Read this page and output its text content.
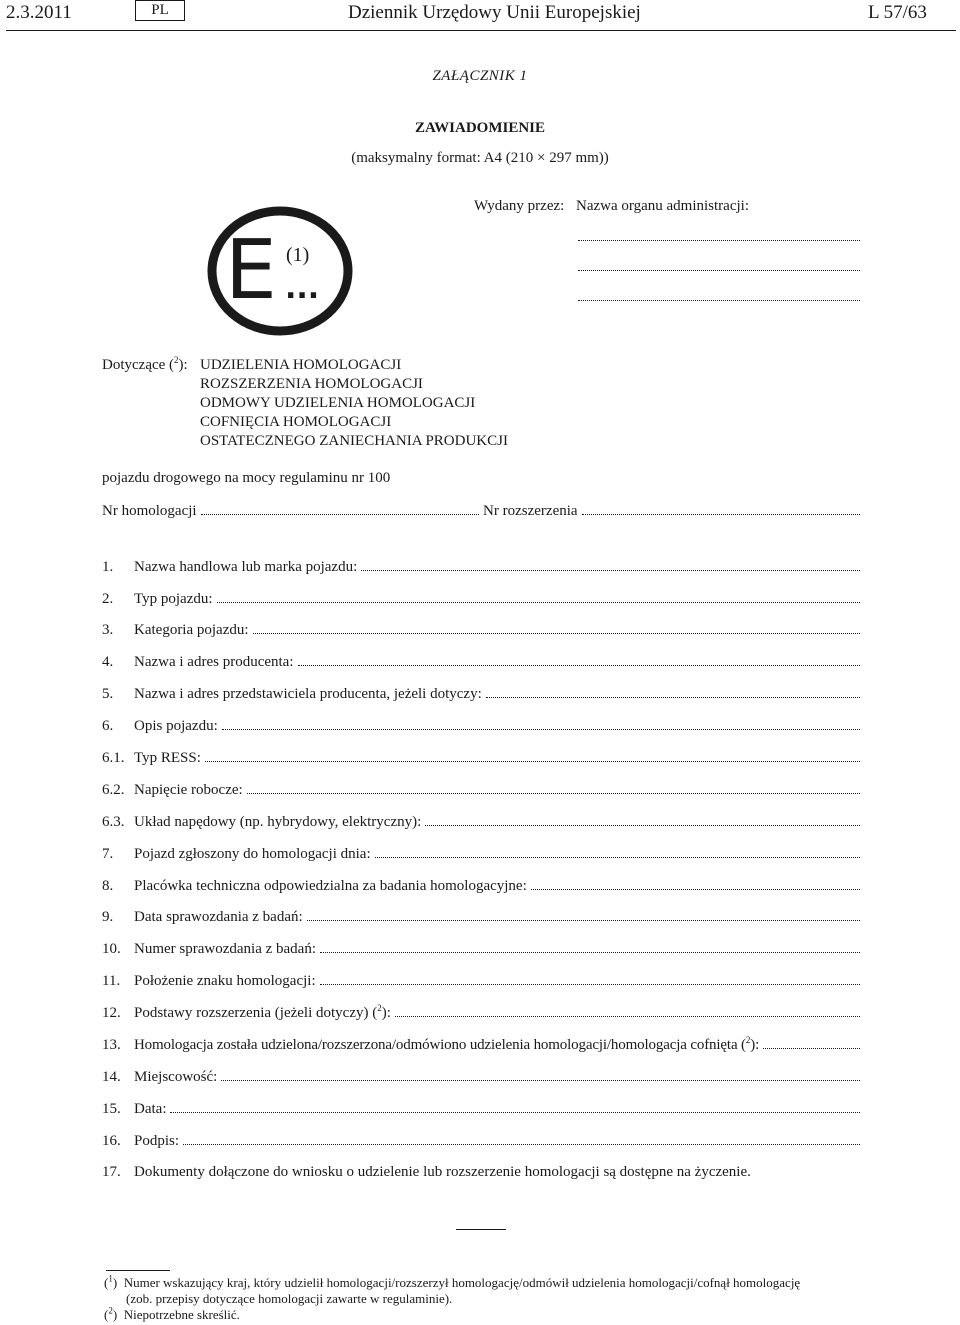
2.3.2011	PL	Dziennik Urzędowy Unii Europejskiej	L 57/63
ZAŁĄCZNIK 1
ZAWIADOMIENIE
(maksymalny format: A4 (210 × 297 mm))
Wydany przez: Nazwa organu administracji:
E (1)
...
Dotyczące ($^2$): UDZIELENIA HOMOLOGACJI
ROZSZERZENIA HOMOLOGACJI
ODMOWY UDZIELENIA HOMOLOGACJI
COFNIĘCIA HOMOLOGACJI
OSTATECZNEGO ZANIECHANIA PRODUKCJI
pojazdu drogowego na mocy regulaminu nr 100
Nr homologacji	Nr rozszerzenia
1.	Nazwa handlowa lub marka pojazdu:
2.	Typ pojazdu:
3.	Kategoria pojazdu:
4.	Nazwa i adres producenta:
5.	Nazwa i adres przedstawiciela producenta, jeżeli dotyczy:
6.	Opis pojazdu:
6.1. Typ RESS:
6.2. Napięcie robocze:
6.3. Układ napędowy (np. hybrydowy, elektryczny):
7.	Pojazd zgłoszony do homologacji dnia:
8.	Placówka techniczna odpowiedzialna za badania homologacyjne:
9.	Data sprawozdania z badań:
10. Numer sprawozdania z badań:
11. Położenie znaku homologacji:
12. Podstawy rozszerzenia (jeżeli dotyczy) ($^2$):
13. Homologacja została udzielona/rozszerzona/odmówiono udzielenia homologacji/homologacja cofnięta ($^2$):
14. Miejscowość:
15. Data:
16. Podpis:
17. Dokumenty dołączone do wniosku o udzielenie lub rozszerzenie homologacji są dostępne na życzenie.
($^1$)  Numer wskazujący kraj, który udzielił homologacji/rozszerzył homologację/odmówił udzielenia homologacji/cofnął homologację
(zob. przepisy dotyczące homologacji zawarte w regulaminie).
($^2$)  Niepotrzebne skreślić.
